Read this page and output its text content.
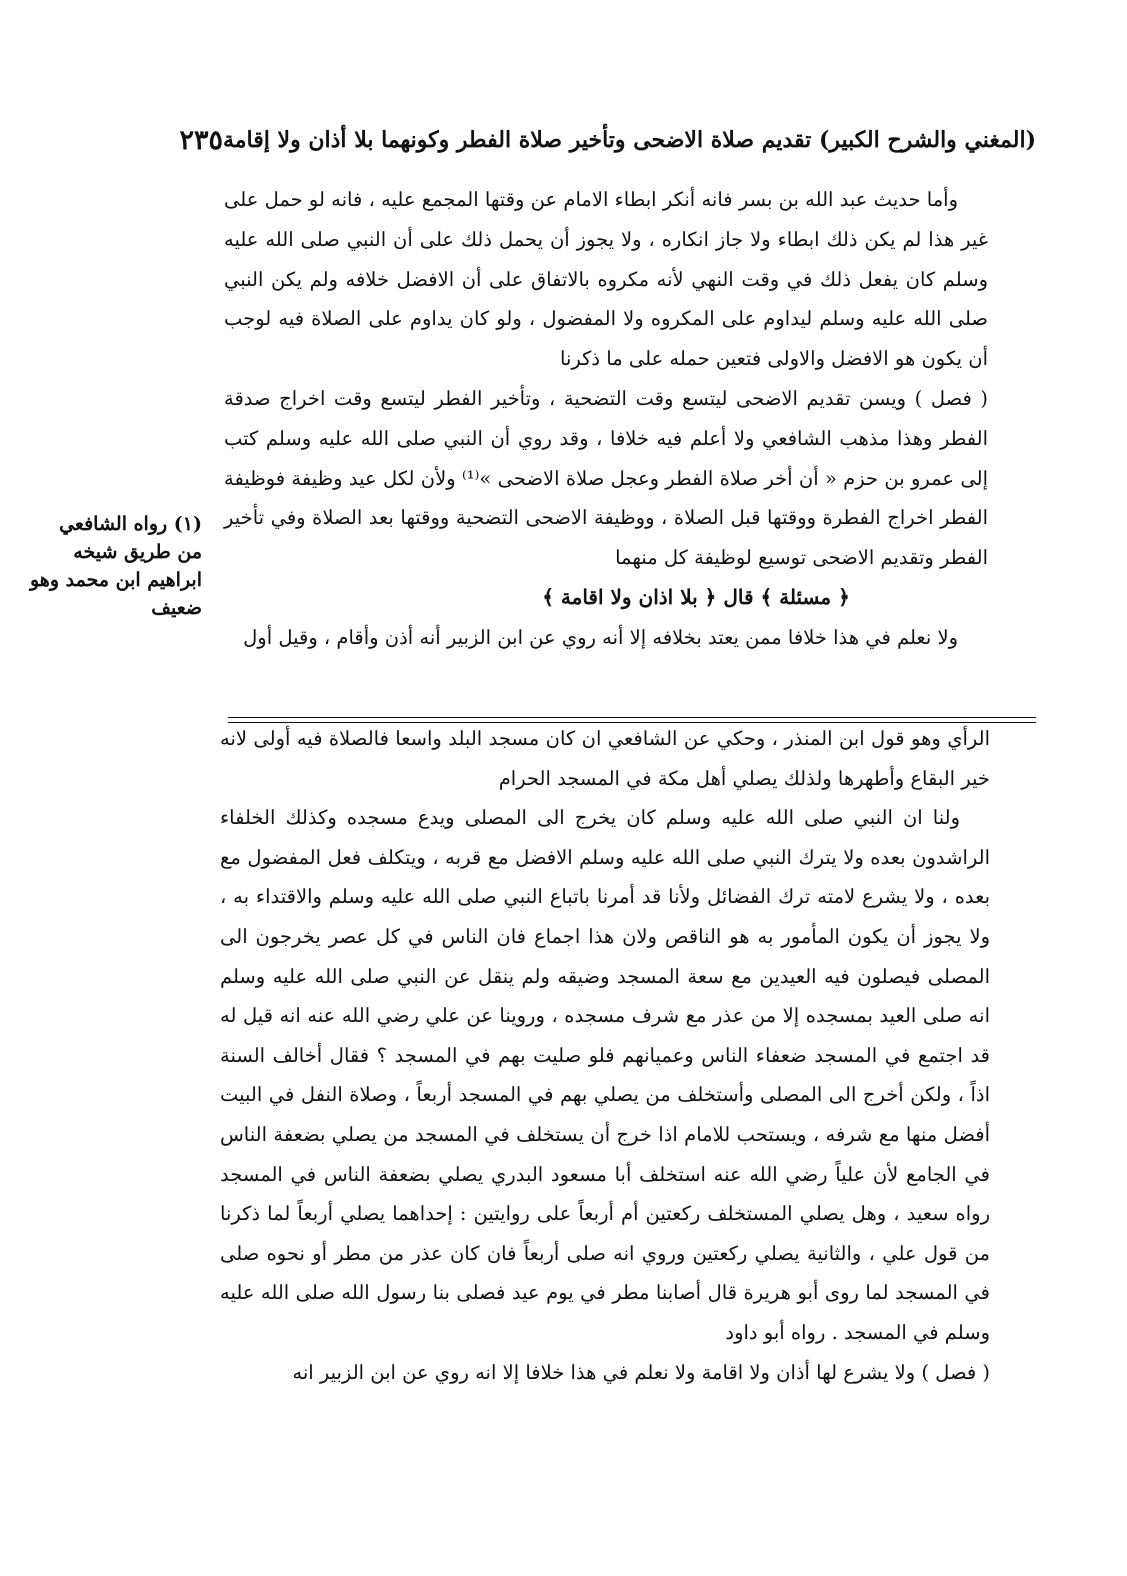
(المغني والشرح الكبير) تقديم صلاة الاضحى وتأخير صلاة الفطر وكونهما بلا أذان ولا إقامة
٢٣٥

وأما حديث عبد الله بن بسر فانه أنكر ابطاء الامام عن وقتها المجمع عليه ، فانه لو حمل على غير هذا لم يكن ذلك ابطاء ولا جاز انكاره ، ولا يجوز أن يحمل ذلك على أن النبي صلى الله عليه وسلم كان يفعل ذلك في وقت النهي لأنه مكروه بالاتفاق على أن الافضل خلافه ولم يكن النبي صلى الله عليه وسلم ليداوم على المكروه ولا المفضول ، ولو كان يداوم على الصلاة فيه لوجب أن يكون هو الافضل والاولى فتعين حمله على ما ذكرنا

( فصل ) ويسن تقديم الاضحى ليتسع وقت التضحية ، وتأخير الفطر ليتسع وقت اخراج صدقة الفطر وهذا مذهب الشافعي ولا أعلم فيه خلافا ، وقد روي أن النبي صلى الله عليه وسلم كتب إلى عمرو بن حزم « أن أخر صلاة الفطر وعجل صلاة الاضحى »⁽¹⁾ ولأن لكل عيد وظيفة فوظيفة الفطر اخراج الفطرة ووقتها قبل الصلاة ، ووظيفة الاضحى التضحية ووقتها بعد الصلاة وفي تأخير الفطر وتقديم الاضحى توسيع لوظيفة كل منهما

﴿ مسئلة ﴾ قال ﴿ بلا اذان ولا اقامة ﴾

ولا نعلم في هذا خلافا ممن يعتد بخلافه إلا أنه روي عن ابن الزبير أنه أذن وأقام ، وقيل أول

الرأي وهو قول ابن المنذر ، وحكي عن الشافعي ان كان مسجد البلد واسعا فالصلاة فيه أولى لانه خير البقاع وأطهرها ولذلك يصلي أهل مكة في المسجد الحرام

ولنا ان النبي صلى الله عليه وسلم كان يخرج الى المصلى ويدع مسجده وكذلك الخلفاء الراشدون بعده ولا يترك النبي صلى الله عليه وسلم الافضل مع قربه ، ويتكلف فعل المفضول مع بعده ، ولا يشرع لامته ترك الفضائل ولأنا قد أمرنا باتباع النبي صلى الله عليه وسلم والاقتداء به ، ولا يجوز أن يكون المأمور به هو الناقص ولان هذا اجماع فان الناس في كل عصر يخرجون الى المصلى فيصلون فيه العيدين مع سعة المسجد وضيقه ولم ينقل عن النبي صلى الله عليه وسلم انه صلى العيد بمسجده إلا من عذر مع شرف مسجده ، وروينا عن علي رضي الله عنه انه قيل له قد اجتمع في المسجد ضعفاء الناس وعميانهم فلو صليت بهم في المسجد ؟ فقال أخالف السنة اذاً ، ولكن أخرج الى المصلى وأستخلف من يصلي بهم في المسجد أربعاً ، وصلاة النفل في البيت أفضل منها مع شرفه ، ويستحب للامام اذا خرج أن يستخلف في المسجد من يصلي بضعفة الناس في الجامع لأن علياً رضي الله عنه استخلف أبا مسعود البدري يصلي بضعفة الناس في المسجد رواه سعيد ، وهل يصلي المستخلف ركعتين أم أربعاً على روايتين : إحداهما يصلي أربعاً لما ذكرنا من قول علي ، والثانية يصلي ركعتين وروي انه صلى أربعاً فان كان عذر من مطر أو نحوه صلى في المسجد لما روى أبو هريرة قال أصابنا مطر في يوم عيد فصلى بنا رسول الله صلى الله عليه وسلم في المسجد . رواه أبو داود

( فصل ) ولا يشرع لها أذان ولا اقامة ولا نعلم في هذا خلافا إلا انه روي عن ابن الزبير انه

(١) رواه الشافعي
من طريق شيخه
ابراهيم ابن محمد وهو
ضعيف
